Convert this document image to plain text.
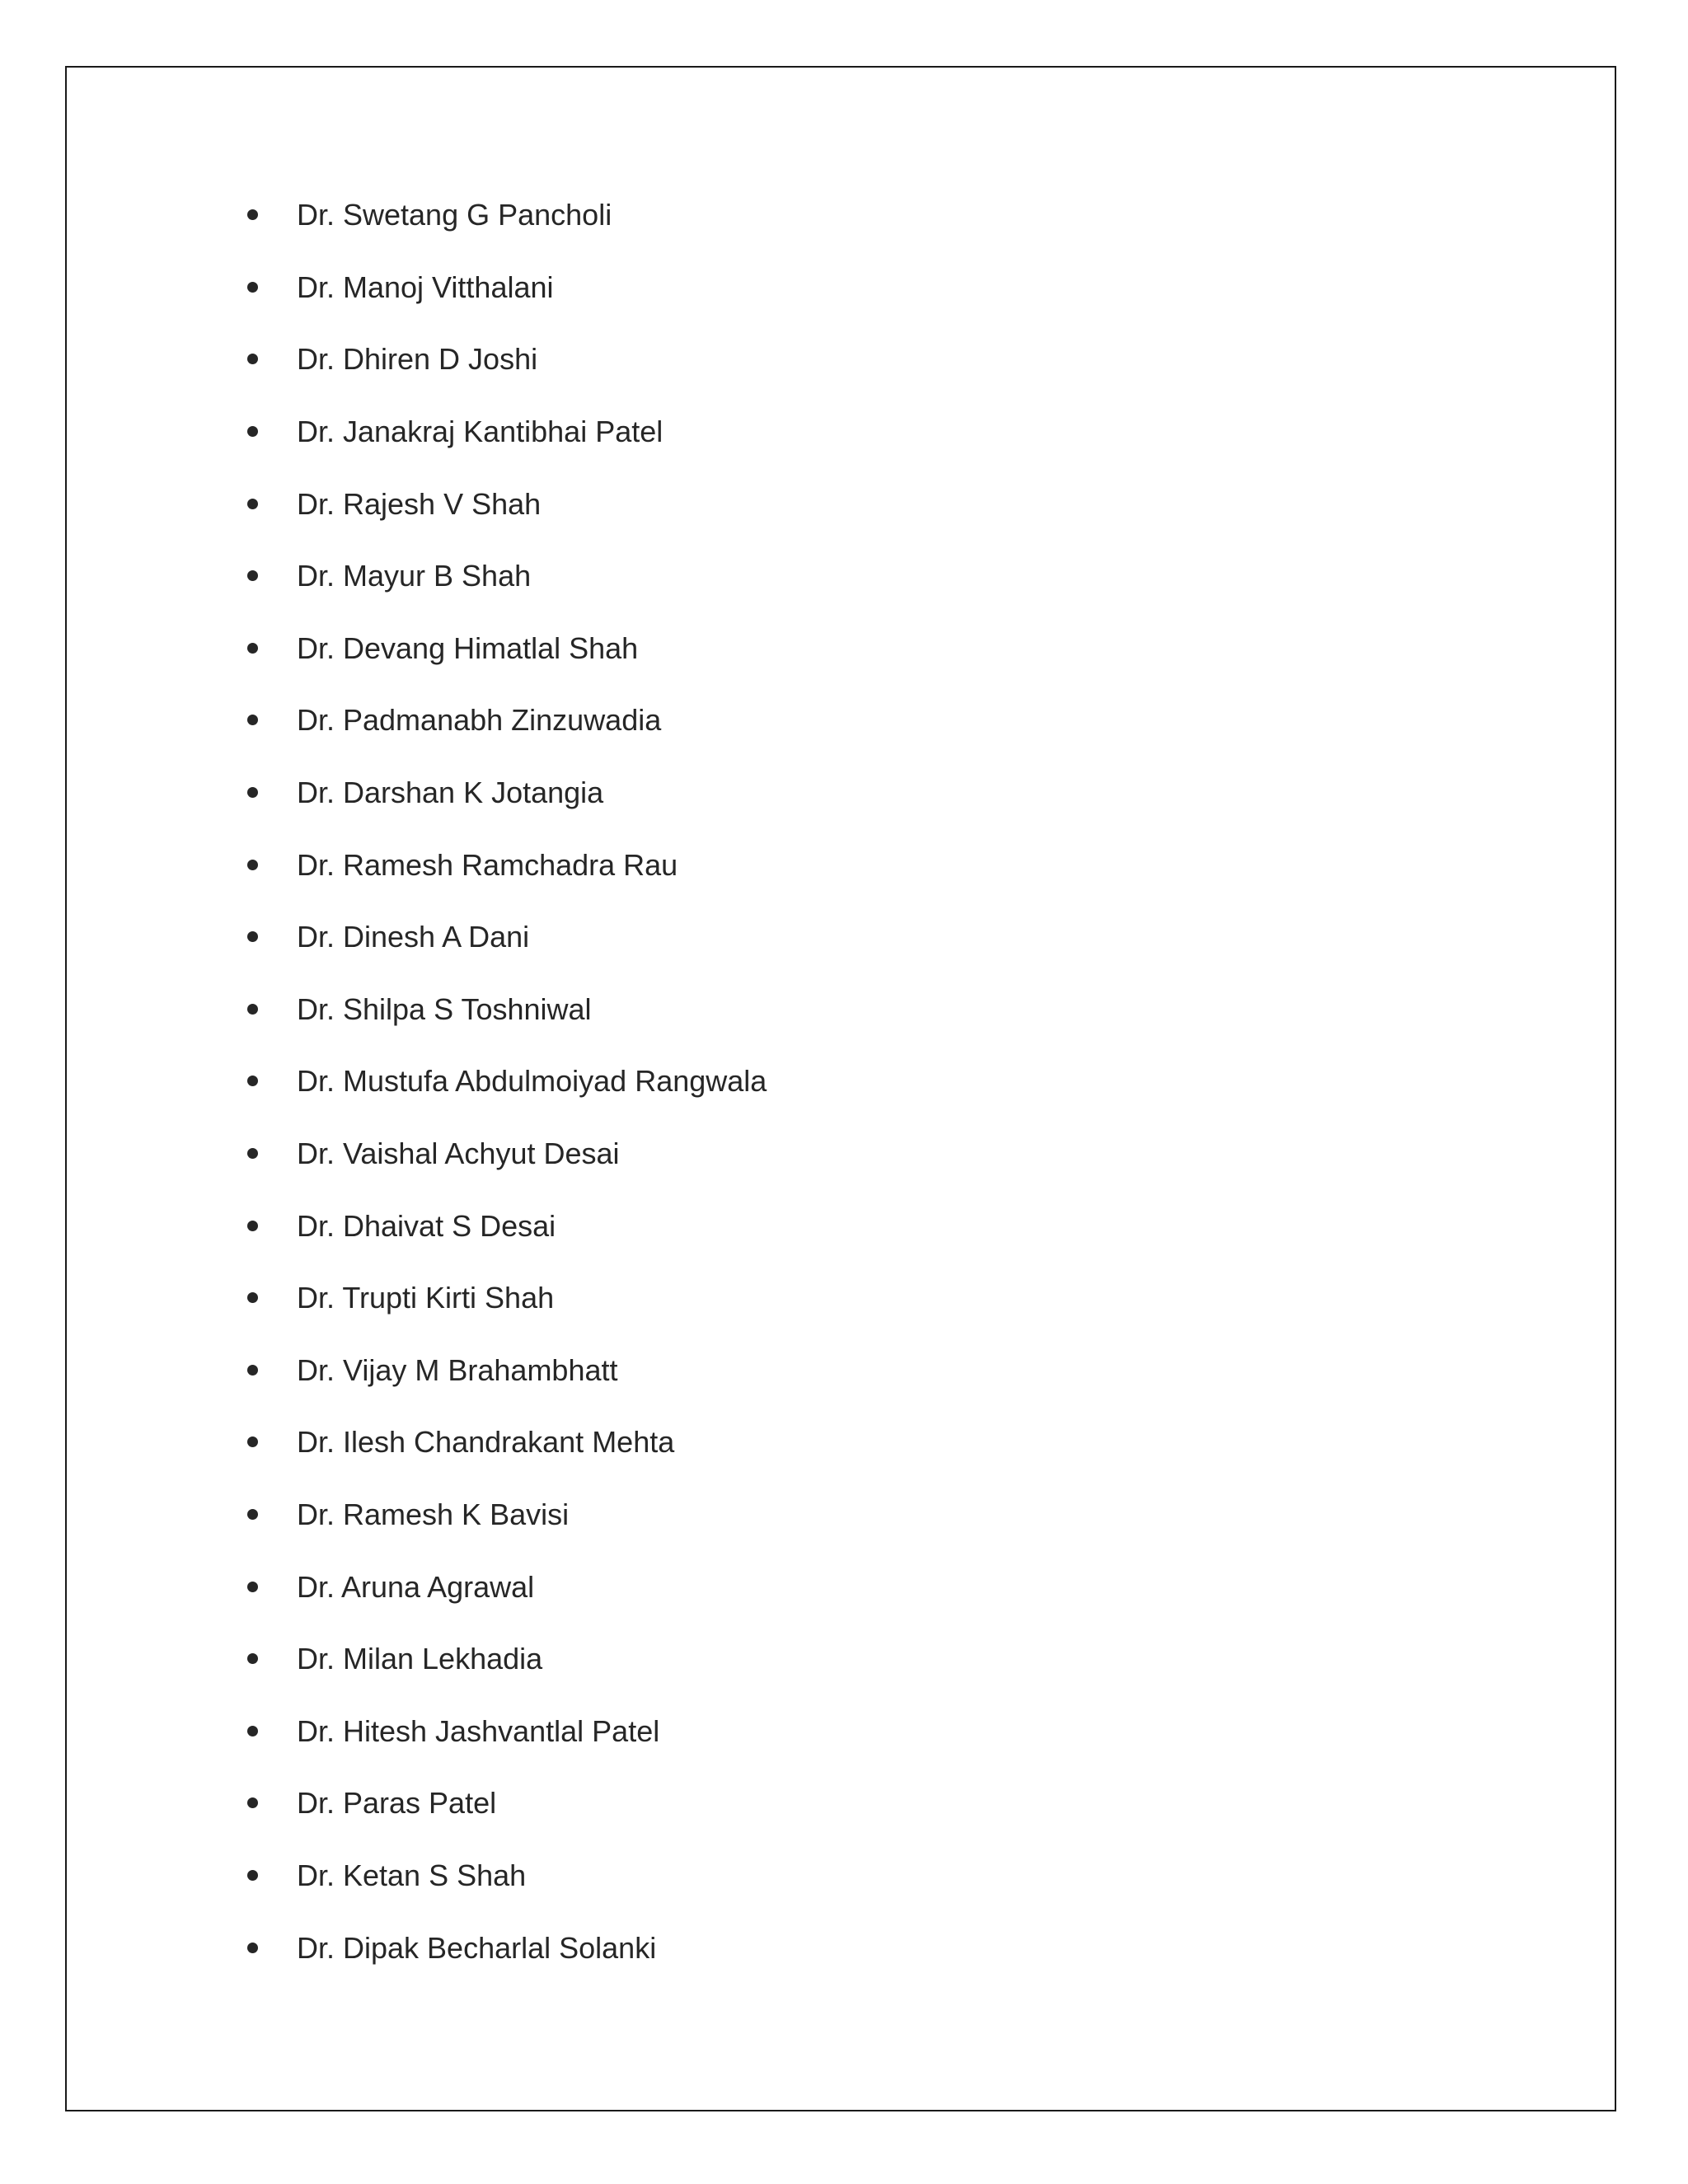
Dr. Swetang G Pancholi
Dr. Manoj Vitthalani
Dr. Dhiren D Joshi
Dr. Janakraj Kantibhai Patel
Dr. Rajesh V Shah
Dr. Mayur B Shah
Dr. Devang Himatlal Shah
Dr. Padmanabh Zinzuwadia
Dr. Darshan K Jotangia
Dr. Ramesh Ramchadra Rau
Dr. Dinesh A Dani
Dr. Shilpa S Toshniwal
Dr. Mustufa Abdulmoiyad Rangwala
Dr. Vaishal Achyut Desai
Dr. Dhaivat S Desai
Dr. Trupti Kirti Shah
Dr. Vijay M Brahambhatt
Dr. Ilesh Chandrakant Mehta
Dr. Ramesh K Bavisi
Dr. Aruna Agrawal
Dr. Milan Lekhadia
Dr. Hitesh Jashvantlal Patel
Dr. Paras Patel
Dr. Ketan S Shah
Dr. Dipak Becharlal Solanki
